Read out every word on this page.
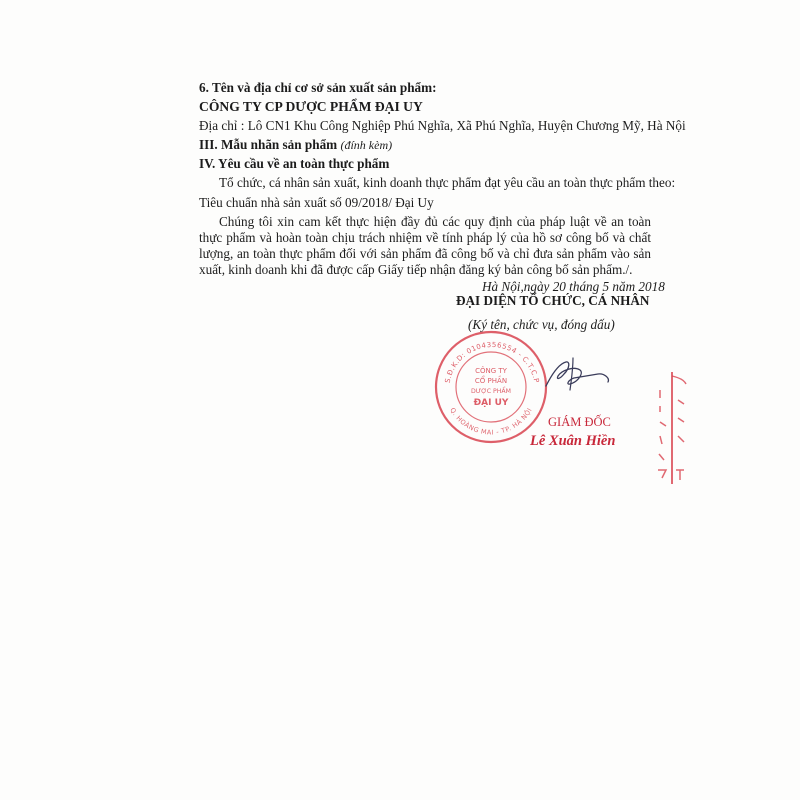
6. Tên và địa chỉ cơ sở sản xuất sản phẩm:
CÔNG TY CP DƯỢC PHẨM ĐẠI UY
Địa chỉ : Lô CN1 Khu Công Nghiệp Phú Nghĩa, Xã Phú Nghĩa, Huyện Chương Mỹ, Hà Nội
III. Mẫu nhãn sản phẩm (đính kèm)
IV. Yêu cầu về an toàn thực phẩm
Tổ chức, cá nhân sản xuất, kinh doanh thực phẩm đạt yêu cầu an toàn thực phẩm theo:
Tiêu chuẩn nhà sản xuất số 09/2018/ Đại Uy
Chúng tôi xin cam kết thực hiện đầy đủ các quy định của pháp luật về an toàn thực phẩm và hoàn toàn chịu trách nhiệm về tính pháp lý của hồ sơ công bố và chất lượng, an toàn thực phẩm đối với sản phẩm đã công bố và chỉ đưa sản phẩm vào sản xuất, kinh doanh khi đã được cấp Giấy tiếp nhận đăng ký bản công bố sản phẩm./.
Hà Nội,ngày 20 tháng 5 năm 2018
ĐẠI DIỆN TỔ CHỨC, CÁ NHÂN
(Ký tên, chức vụ, đóng dấu)
S.Đ.K.D: 0104356554 - C.T.C.P
Q. HOÀNG MAI - TP. HÀ NỘI
CÔNG TY
CỔ PHẦN
DƯỢC PHẨM
ĐẠI UY
GIÁM ĐỐC
Lê Xuân Hiền
